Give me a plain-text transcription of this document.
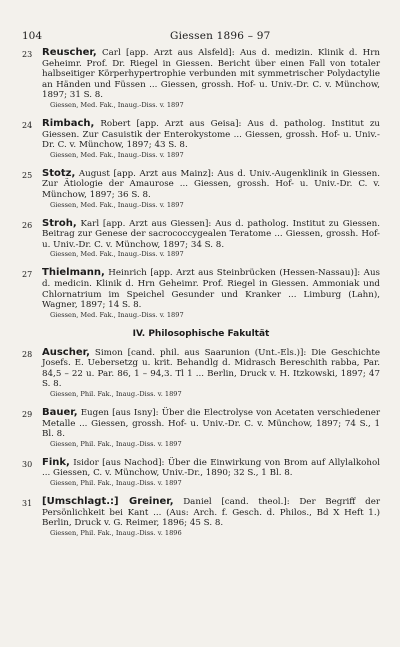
104	Giessen 1896 – 97
23 Reuscher, Carl [app. Arzt aus Alsfeld]: Aus d. medizin. Klinik d. Hrn Geheimr. Prof. Dr. Riegel in Giessen. Bericht über einen Fall von totaler halbseitiger Körperhypertrophie verbunden mit symmetrischer Polydactylie an Händen und Füssen ... Giessen, grossh. Hof- u. Univ.-Dr. C. v. Münchow, 1897; 31 S. 8.
Giessen, Med. Fak., Inaug.-Diss. v. 1897
24 Rimbach, Robert [app. Arzt aus Geisa]: Aus d. patholog. Institut zu Giessen. Zur Casuistik der Enterokystome ... Giessen, grossh. Hof- u. Univ.-Dr. C. v. Münchow, 1897; 43 S. 8.
Giessen, Med. Fak., Inaug.-Diss. v. 1897
25 Stotz, August [app. Arzt aus Mainz]: Aus d. Univ.-Augenklinik in Giessen. Zur Ätiologie der Amaurose ... Giessen, grossh. Hof- u. Univ.-Dr. C. v. Münchow, 1897; 36 S. 8.
Giessen, Med. Fak., Inaug.-Diss. v. 1897
26 Stroh, Karl [app. Arzt aus Giessen]: Aus d. patholog. Institut zu Giessen. Beitrag zur Genese der sacrococcygealen Teratome ... Giessen, grossh. Hof- u. Univ.-Dr. C. v. Münchow, 1897; 34 S. 8.
Giessen, Med. Fak., Inaug.-Diss. v. 1897
27 Thielmann, Heinrich [app. Arzt aus Steinbrücken (Hessen-Nassau)]: Aus d. medicin. Klinik d. Hrn Geheimr. Prof. Riegel in Giessen. Ammoniak und Chlornatrium im Speichel Gesunder und Kranker ... Limburg (Lahn), Wagner, 1897; 14 S. 8.
Giessen, Med. Fak., Inaug.-Diss. v. 1897
IV. Philosophische Fakultät
28 Auscher, Simon [cand. phil. aus Saarunion (Unt.-Els.)]: Die Geschichte Josefs. E. Uebersetzg u. krit. Behandlg d. Midrasch Bereschith rabba, Par. 84,5 – 22 u. Par. 86, 1 – 94,3. Tl 1 ... Berlin, Druck v. H. Itzkowski, 1897; 47 S. 8.
Giessen, Phil. Fak., Inaug.-Diss. v. 1897
29 Bauer, Eugen [aus Isny]: Über die Electrolyse von Acetaten verschiedener Metalle ... Giessen, grossh. Hof- u. Univ.-Dr. C. v. Münchow, 1897; 74 S., 1 Bl. 8.
Giessen, Phil. Fak., Inaug.-Diss. v. 1897
30 Fink, Isidor [aus Nachod]: Über die Einwirkung von Brom auf Allylalkohol ... Giessen, C. v. Münchow, Univ.-Dr., 1890; 32 S., 1 Bl. 8.
Giessen, Phil. Fak., Inaug.-Diss. v. 1897
31 [Umschlagt.:] Greiner, Daniel [cand. theol.]: Der Begriff der Persönlichkeit bei Kant ... (Aus: Arch. f. Gesch. d. Philos., Bd X Heft 1.) Berlin, Druck v. G. Reimer, 1896; 45 S. 8.
Giessen, Phil. Fak., Inaug.-Diss. v. 1896
